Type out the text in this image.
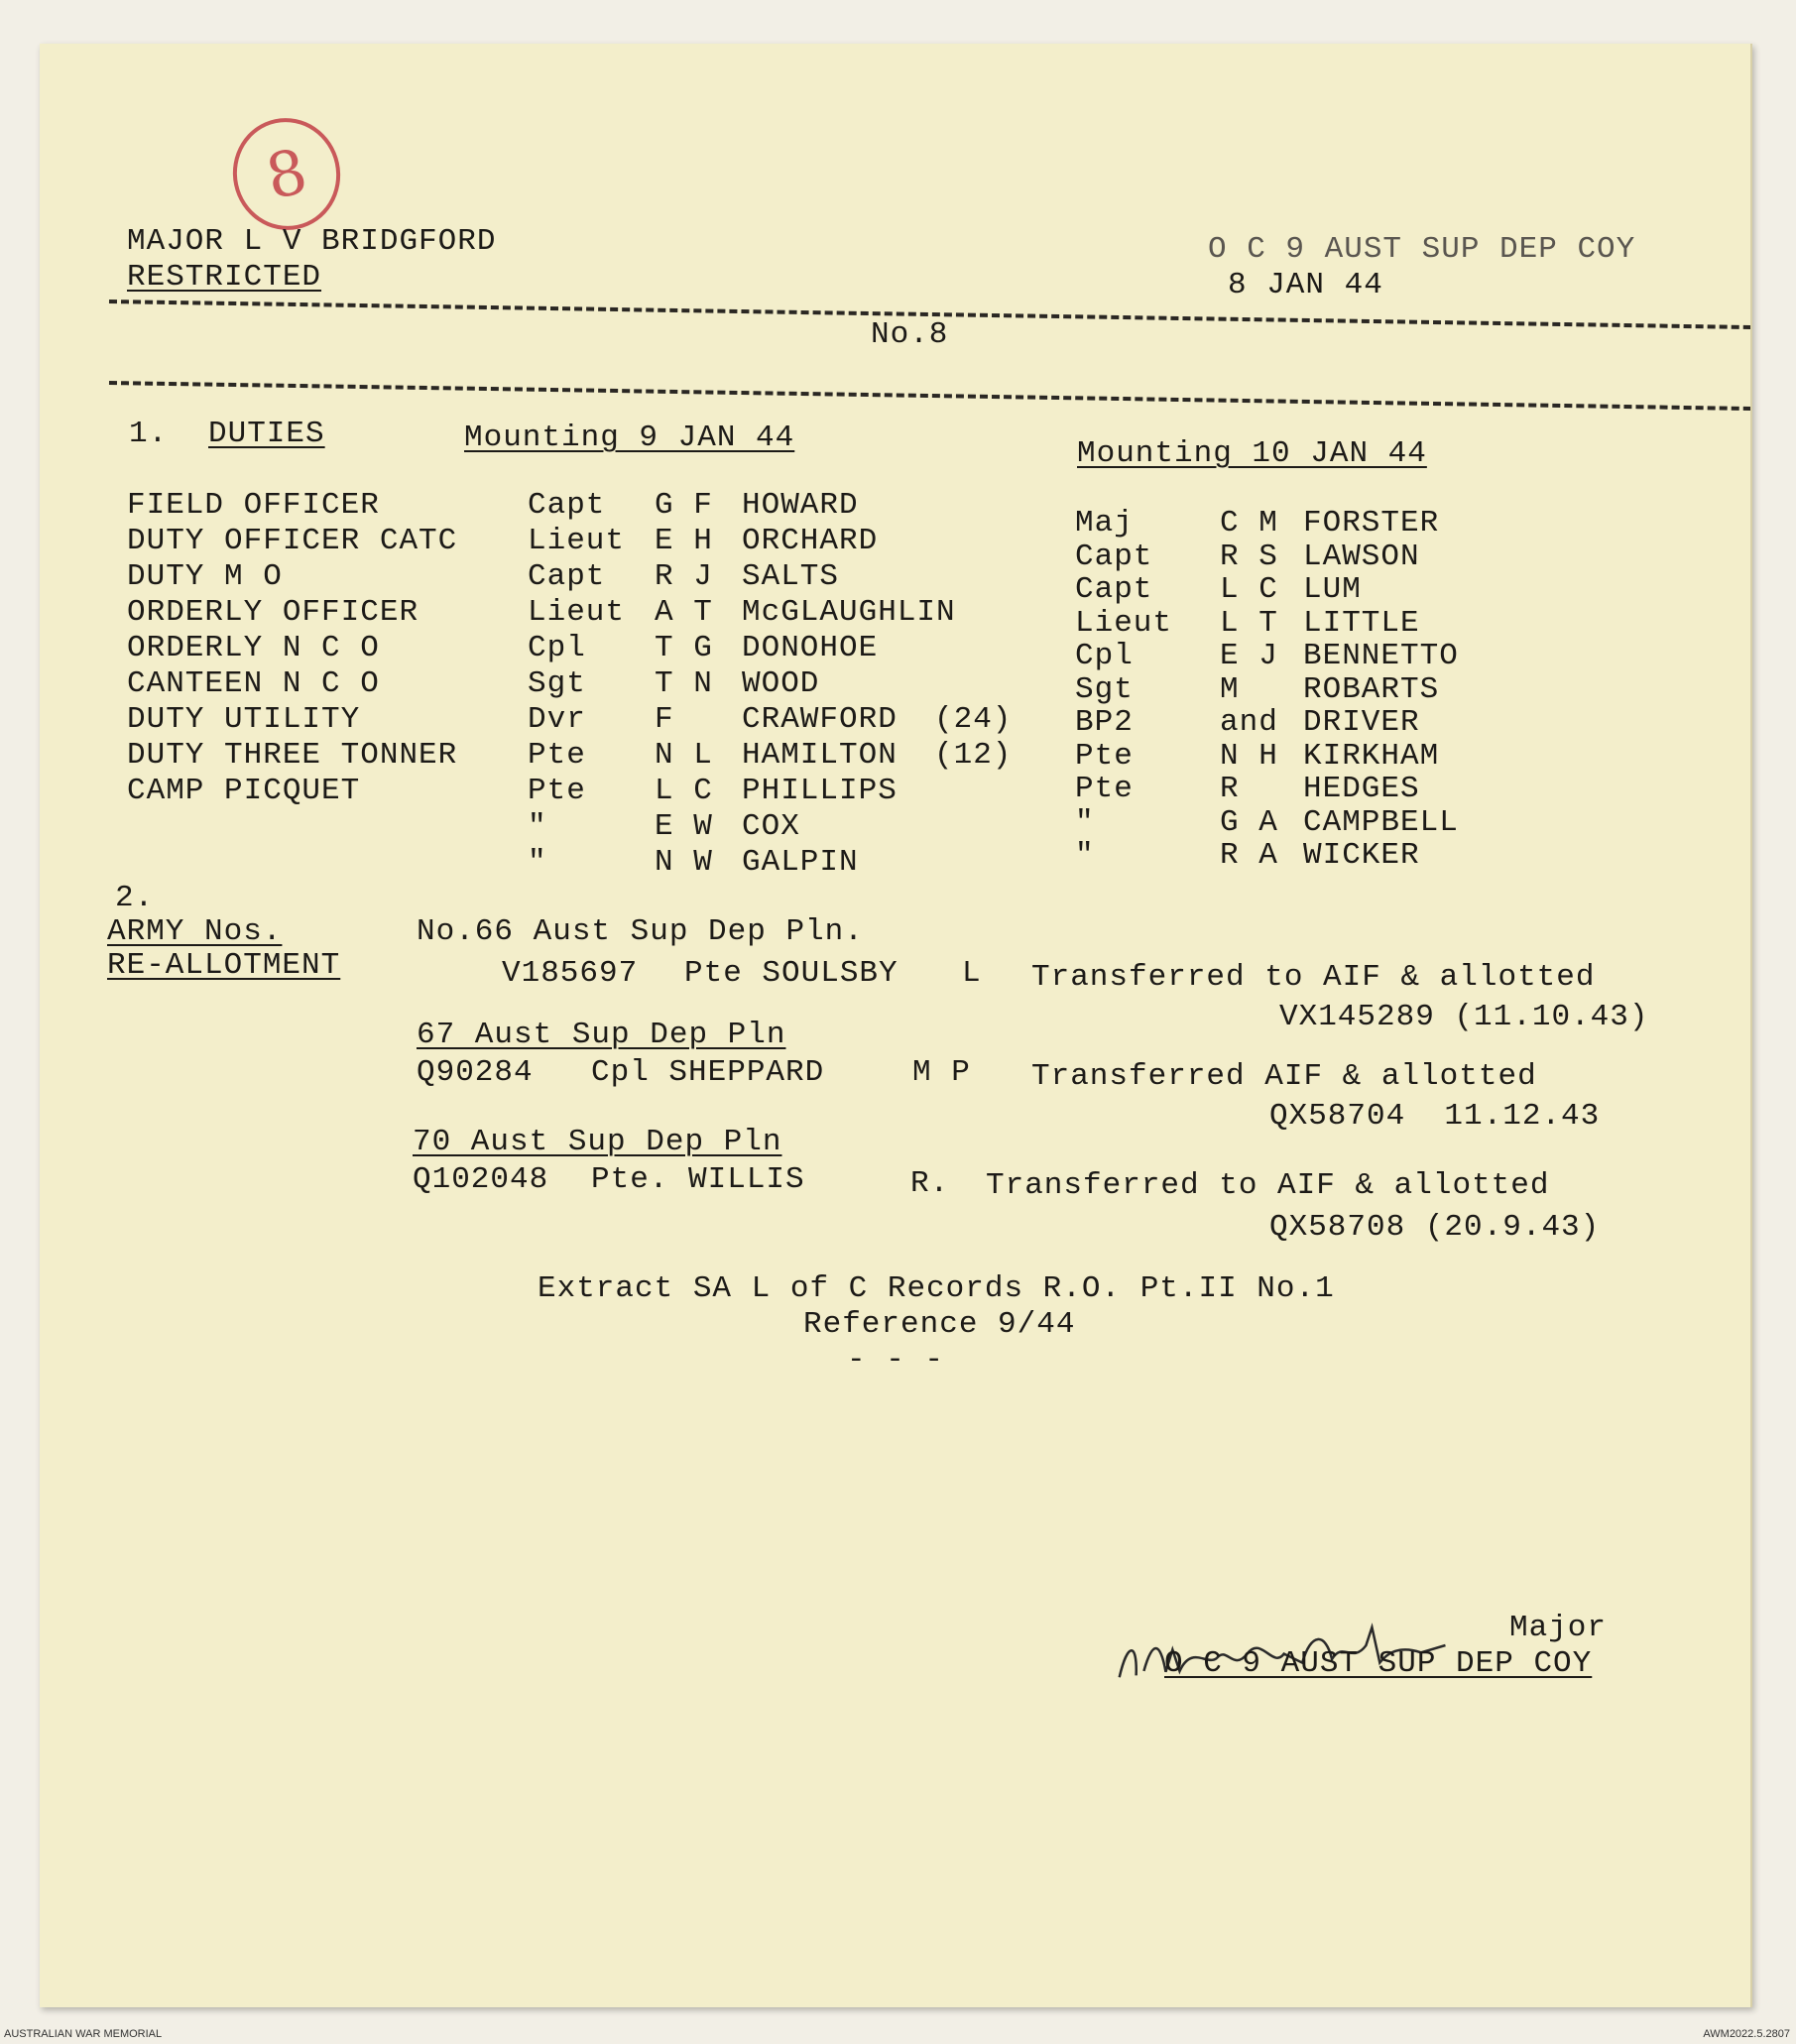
8
MAJOR L V BRIDGFORD
RESTRICTED
O C 9 AUST SUP DEP COY
8 JAN 44
No.8
1. DUTIES	Mounting 9 JAN 44	Mounting 10 JAN 44
FIELD OFFICER	Capt G F HOWARD
DUTY OFFICER CATC Lieut E H ORCHARD
DUTY M O	Capt R J SALTS
ORDERLY OFFICER	Lieut A T McGLAUGHLIN
ORDERLY N C O	Cpl T G DONOHOE
CANTEEN N C O	Sgt T N WOOD
DUTY UTILITY	Dvr F CRAWFORD (24)
DUTY THREE TONNER Pte N L HAMILTON (12)
CAMP PICQUET	Pte L C PHILLIPS
"	E W COX
"	N W GALPIN
Maj	C M FORSTER
Capt R S LAWSON
Capt L C LUM
Lieut L T LITTLE
Cpl	E J BENNETTO
Sgt	M ROBARTS
BP2	and DRIVER
Pte	N H KIRKHAM
Pte	R HEDGES
"	G A CAMPBELL
"	R A WICKER
2.
ARMY Nos.
RE-ALLOTMENT
No.66 Aust Sup Dep Pln.
V185697 Pte SOULSBY L Transferred to AIF & allotted
VX145289 (11.10.43)
67 Aust Sup Dep Pln
Q90284 Cpl SHEPPARD	M P Transferred AIF & allotted
QX58704  11.12.43
70 Aust Sup Dep Pln
Q102048 Pte. WILLIS	R. Transferred to AIF & allotted
QX58708 (20.9.43)
Extract SA L of C Records R.O. Pt.II No.1
Reference 9/44
- - -

Major
O C 9 AUST SUP DEP COY
AUSTRALIAN WAR MEMORIAL	AWM2022.5.2807
